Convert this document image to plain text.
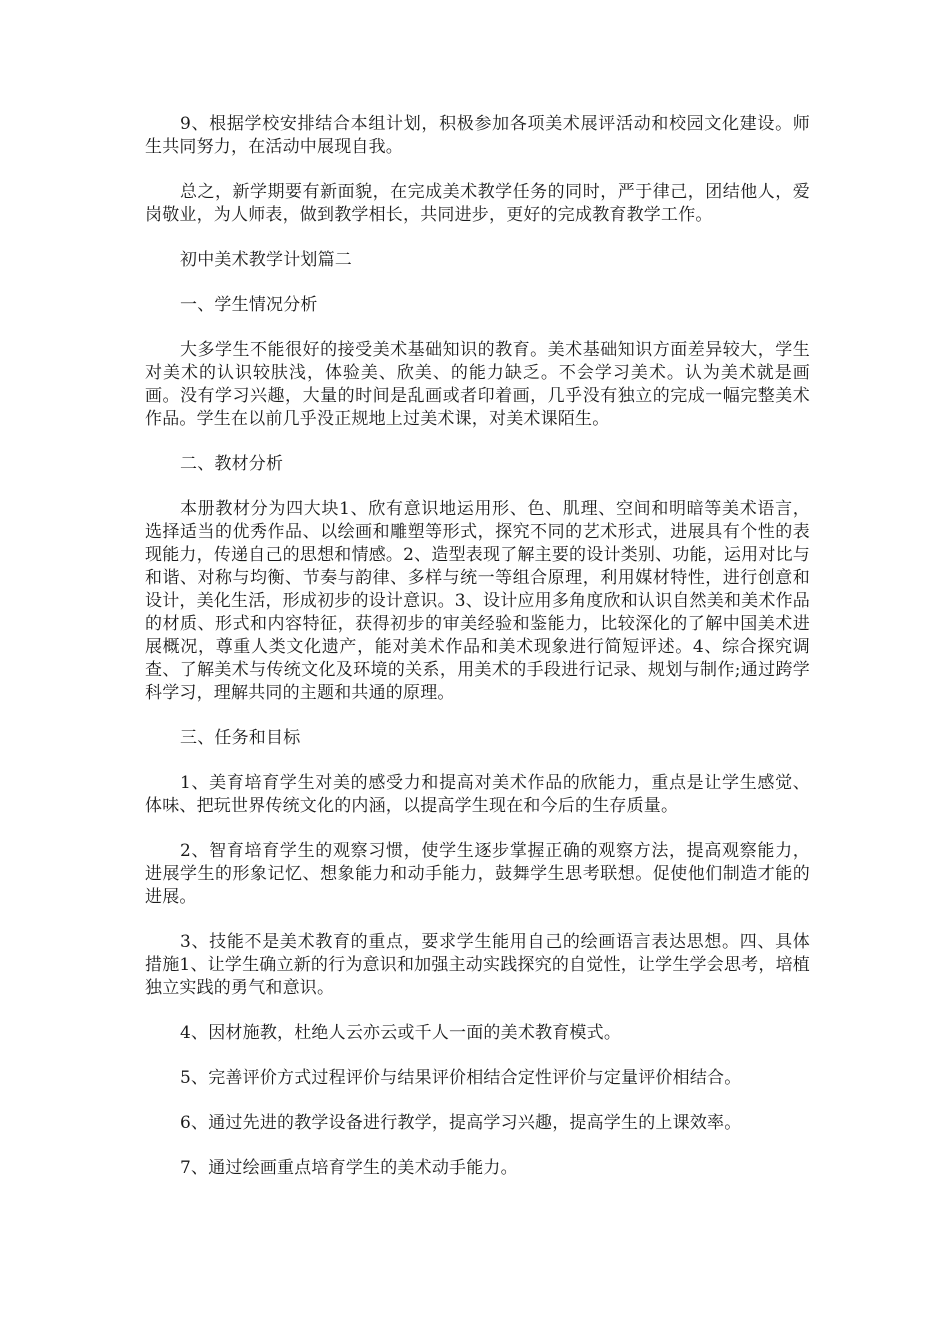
9、根据学校安排结合本组计划，积极参加各项美术展评活动和校园文化建设。师生共同努力，在活动中展现自我。

总之，新学期要有新面貌，在完成美术教学任务的同时，严于律己，团结他人，爱岗敬业，为人师表，做到教学相长，共同进步，更好的完成教育教学工作。

初中美术教学计划篇二

一、学生情况分析

大多学生不能很好的接受美术基础知识的教育。美术基础知识方面差异较大，学生对美术的认识较肤浅，体验美、欣美、的能力缺乏。不会学习美术。认为美术就是画画。没有学习兴趣，大量的时间是乱画或者印着画，几乎没有独立的完成一幅完整美术作品。学生在以前几乎没正规地上过美术课，对美术课陌生。

二、教材分析

本册教材分为四大块1、欣有意识地运用形、色、肌理、空间和明暗等美术语言，选择适当的优秀作品、以绘画和雕塑等形式，探究不同的艺术形式，进展具有个性的表现能力，传递自己的思想和情感。2、造型表现了解主要的设计类别、功能，运用对比与和谐、对称与均衡、节奏与韵律、多样与统一等组合原理，利用媒材特性，进行创意和设计，美化生活，形成初步的设计意识。3、设计应用多角度欣和认识自然美和美术作品的材质、形式和内容特征，获得初步的审美经验和鉴能力，比较深化的了解中国美术进展概况，尊重人类文化遗产，能对美术作品和美术现象进行简短评述。4、综合探究调查、了解美术与传统文化及环境的关系，用美术的手段进行记录、规划与制作;通过跨学科学习，理解共同的主题和共通的原理。

三、任务和目标

1、美育培育学生对美的感受力和提高对美术作品的欣能力，重点是让学生感觉、体味、把玩世界传统文化的内涵，以提高学生现在和今后的生存质量。

2、智育培育学生的观察习惯，使学生逐步掌握正确的观察方法，提高观察能力，进展学生的形象记忆、想象能力和动手能力，鼓舞学生思考联想。促使他们制造才能的进展。

3、技能不是美术教育的重点，要求学生能用自己的绘画语言表达思想。四、具体措施1、让学生确立新的行为意识和加强主动实践探究的自觉性，让学生学会思考，培植独立实践的勇气和意识。

4、因材施教，杜绝人云亦云或千人一面的美术教育模式。

5、完善评价方式过程评价与结果评价相结合定性评价与定量评价相结合。

6、通过先进的教学设备进行教学，提高学习兴趣，提高学生的上课效率。

7、通过绘画重点培育学生的美术动手能力。
